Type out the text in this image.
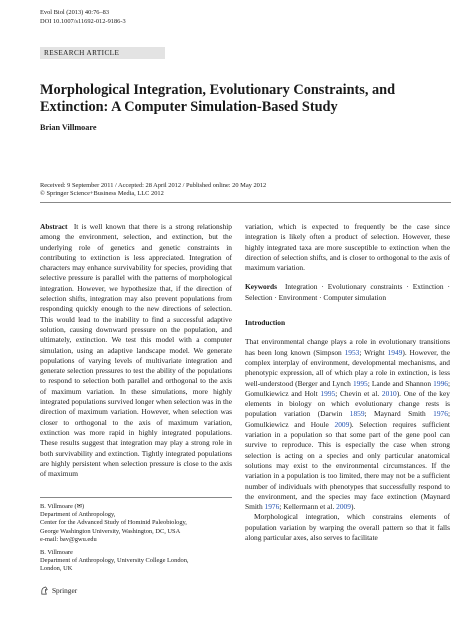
Evol Biol (2013) 40:76–83
DOI 10.1007/s11692-012-9186-3
RESEARCH ARTICLE
Morphological Integration, Evolutionary Constraints, and Extinction: A Computer Simulation-Based Study
Brian Villmoare
Received: 9 September 2011 / Accepted: 28 April 2012 / Published online: 20 May 2012
© Springer Science+Business Media, LLC 2012

Abstract It is well known that there is a strong relationship among the environment, selection, and extinction, but the underlying role of genetics and genetic constraints in contributing to extinction is less appreciated. Integration of characters may enhance survivability for species, providing that selective pressure is parallel with the patterns of morphological integration. However, we hypothesize that, if the direction of selection shifts, integration may also prevent populations from responding quickly enough to the new directions of selection. This would lead to the inability to find a successful adaptive solution, causing downward pressure on the population, and ultimately, extinction. We test this model with a computer simulation, using an adaptive landscape model. We generate populations of varying levels of multivariate integration and generate selection pressures to test the ability of the populations to respond to selection both parallel and orthogonal to the axis of maximum variation. In these simulations, more highly integrated populations survived longer when selection was in the direction of maximum variation. However, when selection was closer to orthogonal to the axis of maximum variation, extinction was more rapid in highly integrated populations. These results suggest that integration may play a strong role in both survivability and extinction. Tightly integrated populations are highly persistent when selection pressure is close to the axis of maximum

B. Villmoare (✉)

Department of Anthropology,

Center for the Advanced Study of Hominid Paleobiology,

George Washington University, Washington, DC, USA

e-mail: bav@gwu.edu

B. Villmoare

Department of Anthropology, University College London,

London, UK

Springer

variation, which is expected to frequently be the case since integration is likely often a product of selection. However, these highly integrated taxa are more susceptible to extinction when the direction of selection shifts, and is closer to orthogonal to the axis of maximum variation.

Keywords Integration · Evolutionary constraints · Extinction · Selection · Environment · Computer simulation

Introduction

That environmental change plays a role in evolutionary transitions has been long known (Simpson 1953; Wright 1949). However, the complex interplay of environment, developmental mechanisms, and phenotypic expression, all of which play a role in extinction, is less well-understood (Berger and Lynch 1995; Lande and Shannon 1996; Gomulkiewicz and Holt 1995; Chevin et al. 2010). One of the key elements in biology on which evolutionary change rests is population variation (Darwin 1859; Maynard Smith 1976; Gomulkiewicz and Houle 2009). Selection requires sufficient variation in a population so that some part of the gene pool can survive to reproduce. This is especially the case when strong selection is acting on a species and only particular anatomical solutions may exist to the environmental circumstances. If the variation in a population is too limited, there may not be a sufficient number of individuals with phenotypes that successfully respond to the environment, and the species may face extinction (Maynard Smith 1976; Kellermann et al. 2009).

Morphological integration, which constrains elements of population variation by warping the overall pattern so that it falls along particular axes, also serves to facilitate
